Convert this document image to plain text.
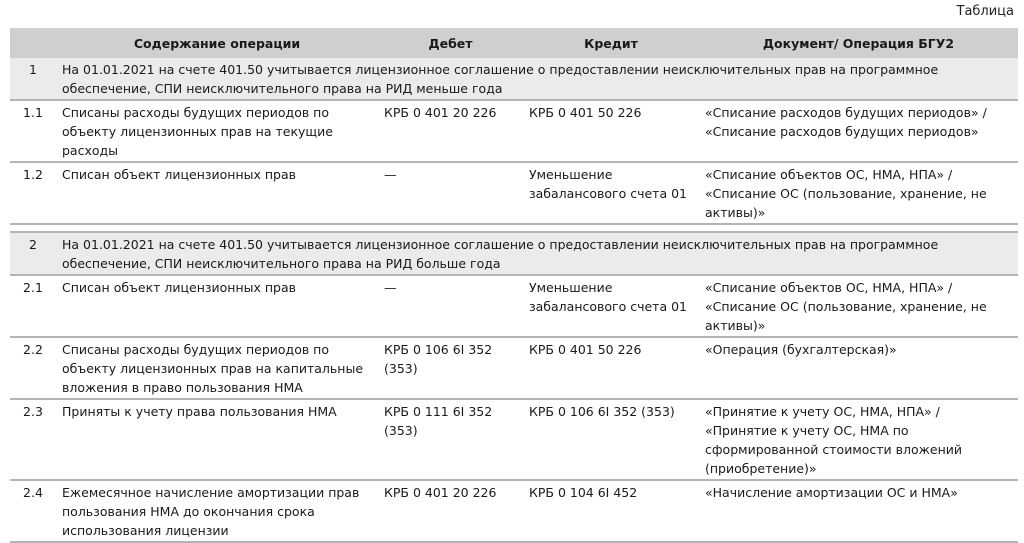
Таблица
	Содержание операции	Дебет	Кредит	Документ/ Операция БГУ2
1	На 01.01.2021 на счете 401.50 учитывается лицензионное соглашение о предоставлении неисключительных прав на программное обеспечение, СПИ неисключительного права на РИД меньше года			
1.1	Списаны расходы будущих периодов по объекту лицензионных прав на текущие расходы	КРБ 0 401 20 226	КРБ 0 401 50 226	«Списание расходов будущих периодов» / «Списание расходов будущих периодов»
1.2	Списан объект лицензионных прав	—	Уменьшение забалансового счета 01	«Списание объектов ОС, НМА, НПА» / «Списание ОС (пользование, хранение, не активы)»

2	На 01.01.2021 на счете 401.50 учитывается лицензионное соглашение о предоставлении неисключительных прав на программное обеспечение, СПИ неисключительного права на РИД больше года			
2.1	Списан объект лицензионных прав	—	Уменьшение забалансового счета 01	«Списание объектов ОС, НМА, НПА» / «Списание ОС (пользование, хранение, не активы)»
2.2	Списаны расходы будущих периодов по объекту лицензионных прав на капитальные вложения в право пользования НМА	КРБ 0 106 6I 352 (353)	КРБ 0 401 50 226	«Операция (бухгалтерская)»
2.3	Приняты к учету права пользования НМА	КРБ 0 111 6I 352 (353)	КРБ 0 106 6I 352 (353)	«Принятие к учету ОС, НМА, НПА» / «Принятие к учету ОС, НМА по сформированной стоимости вложений (приобретение)»
2.4	Ежемесячное начисление амортизации прав пользования НМА до окончания срока использования лицензии	КРБ 0 401 20 226	КРБ 0 104 6I 452	«Начисление амортизации ОС и НМА»
